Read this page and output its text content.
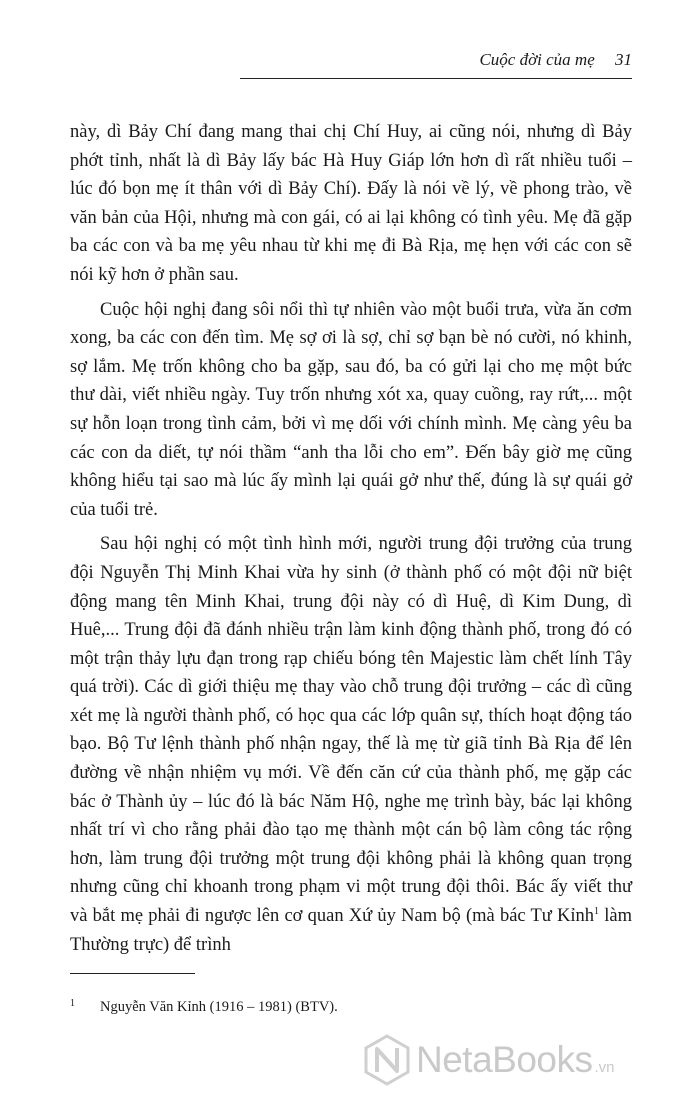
Cuộc đời của mẹ 31

này, dì Bảy Chí đang mang thai chị Chí Huy, ai cũng nói, nhưng dì Bảy phớt tỉnh, nhất là dì Bảy lấy bác Hà Huy Giáp lớn hơn dì rất nhiều tuổi – lúc đó bọn mẹ ít thân với dì Bảy Chí). Đấy là nói về lý, về phong trào, về văn bản của Hội, nhưng mà con gái, có ai lại không có tình yêu. Mẹ đã gặp ba các con và ba mẹ yêu nhau từ khi mẹ đi Bà Rịa, mẹ hẹn với các con sẽ nói kỹ hơn ở phần sau.

Cuộc hội nghị đang sôi nổi thì tự nhiên vào một buổi trưa, vừa ăn cơm xong, ba các con đến tìm. Mẹ sợ ơi là sợ, chỉ sợ bạn bè nó cười, nó khinh, sợ lắm. Mẹ trốn không cho ba gặp, sau đó, ba có gửi lại cho mẹ một bức thư dài, viết nhiều ngày. Tuy trốn nhưng xót xa, quay cuồng, ray rứt,... một sự hỗn loạn trong tình cảm, bởi vì mẹ dối với chính mình. Mẹ càng yêu ba các con da diết, tự nói thầm “anh tha lỗi cho em”. Đến bây giờ mẹ cũng không hiểu tại sao mà lúc ấy mình lại quái gở như thế, đúng là sự quái gở của tuổi trẻ.

Sau hội nghị có một tình hình mới, người trung đội trưởng của trung đội Nguyễn Thị Minh Khai vừa hy sinh (ở thành phố có một đội nữ biệt động mang tên Minh Khai, trung đội này có dì Huệ, dì Kim Dung, dì Huê,... Trung đội đã đánh nhiều trận làm kinh động thành phố, trong đó có một trận thảy lựu đạn trong rạp chiếu bóng tên Majestic làm chết lính Tây quá trời). Các dì giới thiệu mẹ thay vào chỗ trung đội trưởng – các dì cũng xét mẹ là người thành phố, có học qua các lớp quân sự, thích hoạt động táo bạo. Bộ Tư lệnh thành phố nhận ngay, thế là mẹ từ giã tỉnh Bà Rịa để lên đường về nhận nhiệm vụ mới. Về đến căn cứ của thành phố, mẹ gặp các bác ở Thành ủy – lúc đó là bác Năm Hộ, nghe mẹ trình bày, bác lại không nhất trí vì cho rằng phải đào tạo mẹ thành một cán bộ làm công tác rộng hơn, làm trung đội trưởng một trung đội không phải là không quan trọng nhưng cũng chỉ khoanh trong phạm vi một trung đội thôi. Bác ấy viết thư và bắt mẹ phải đi ngược lên cơ quan Xứ ủy Nam bộ (mà bác Tư Kỉnh$^1$ làm Thường trực) để trình

1 Nguyễn Văn Kỉnh (1916 – 1981) (BTV).
NetaBooks .vn
